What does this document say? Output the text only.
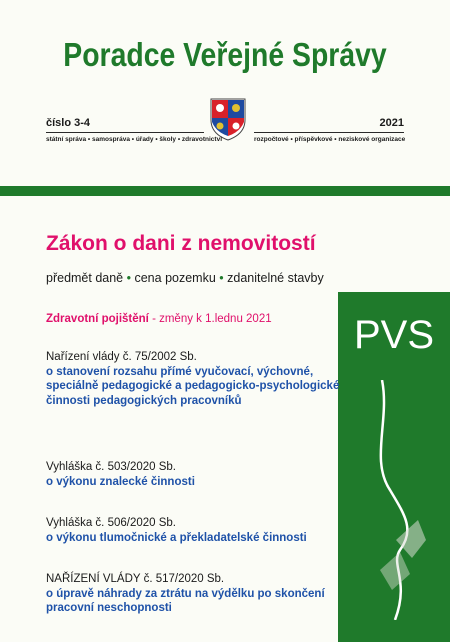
Poradce Veřejné Správy
číslo 3-4	2021
státní správa • samospráva • úřady • školy • zdravotnictví	rozpočtové • příspěvkové • neziskové organizace
PVS
Zákon o dani z nemovitostí
předmět daně • cena pozemku • zdanitelné stavby
Zdravotní pojištění - změny k 1.lednu 2021
Nařízení vlády č. 75/2002 Sb.
o stanovení rozsahu přímé vyučovací, výchovné,
speciálně pedagogické a pedagogicko-psychologické
činnosti pedagogických pracovníků
Vyhláška č. 503/2020 Sb.
o výkonu znalecké činnosti
Vyhláška č. 506/2020 Sb.
o výkonu tlumočnické a překladatelské činnosti
NAŘÍZENÍ VLÁDY č. 517/2020 Sb.
o úpravě náhrady za ztrátu na výdělku po skončení
pracovní neschopnosti
